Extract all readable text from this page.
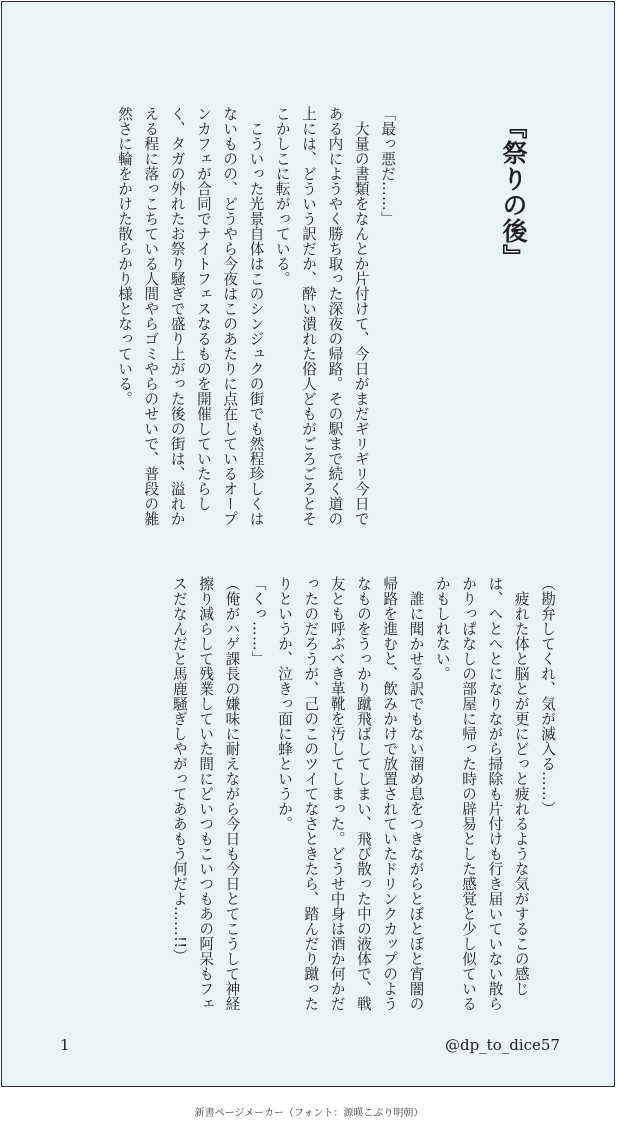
『祭りの後』

「最っ悪だ……」

　大量の書類をなんとか片付けて、今日がまだギリギリ今日である内にようやく勝ち取った深夜の帰路。その駅まで続く道の上には、どういう訳だか、酔い潰れた俗人どもがごろごろとそこかしこに転がっている。

　こういった光景自体はこのシンジュクの街でも然程珍しくはないものの、どうやら今夜はこのあたりに点在しているオープンカフェが合同でナイトフェスなるものを開催していたらしく、タガの外れたお祭り騒ぎで盛り上がった後の街は、溢れかえる程に落っこちている人間やらゴミやらのせいで、普段の雑然さに輪をかけた散らかり様となっている。

（勘弁してくれ、気が滅入る……）

　疲れた体と脳とが更にどっと疲れるような気がするこの感じは、へとへとになりながら掃除も片付けも行き届いていない散らかりっぱなしの部屋に帰った時の辟易とした感覚と少し似ているかもしれない。

　誰に聞かせる訳でもない溜め息をつきながらとぼとぼと宵闇の帰路を進むと、飲みかけで放置されていたドリンクカップのようなものをうっかり蹴飛ばしてしまい、飛び散った中の液体で、戦友とも呼ぶべき革靴を汚してしまった。どうせ中身は酒か何かだったのだろうが、己のこのツイてなさときたら、踏んだり蹴ったりというか、泣きっ面に蜂というか。

「くっ……」

（俺がハゲ課長の嫌味に耐えながら今日も今日とてこうして神経擦り減らして残業していた間にどいつもこいつもあの阿呆もフェスだなんだと馬鹿騒ぎしやがってああもう何だよ……!!）

1	@dp_to_dice57
新書ページメーカー（フォント：源暎こぶり明朝）
